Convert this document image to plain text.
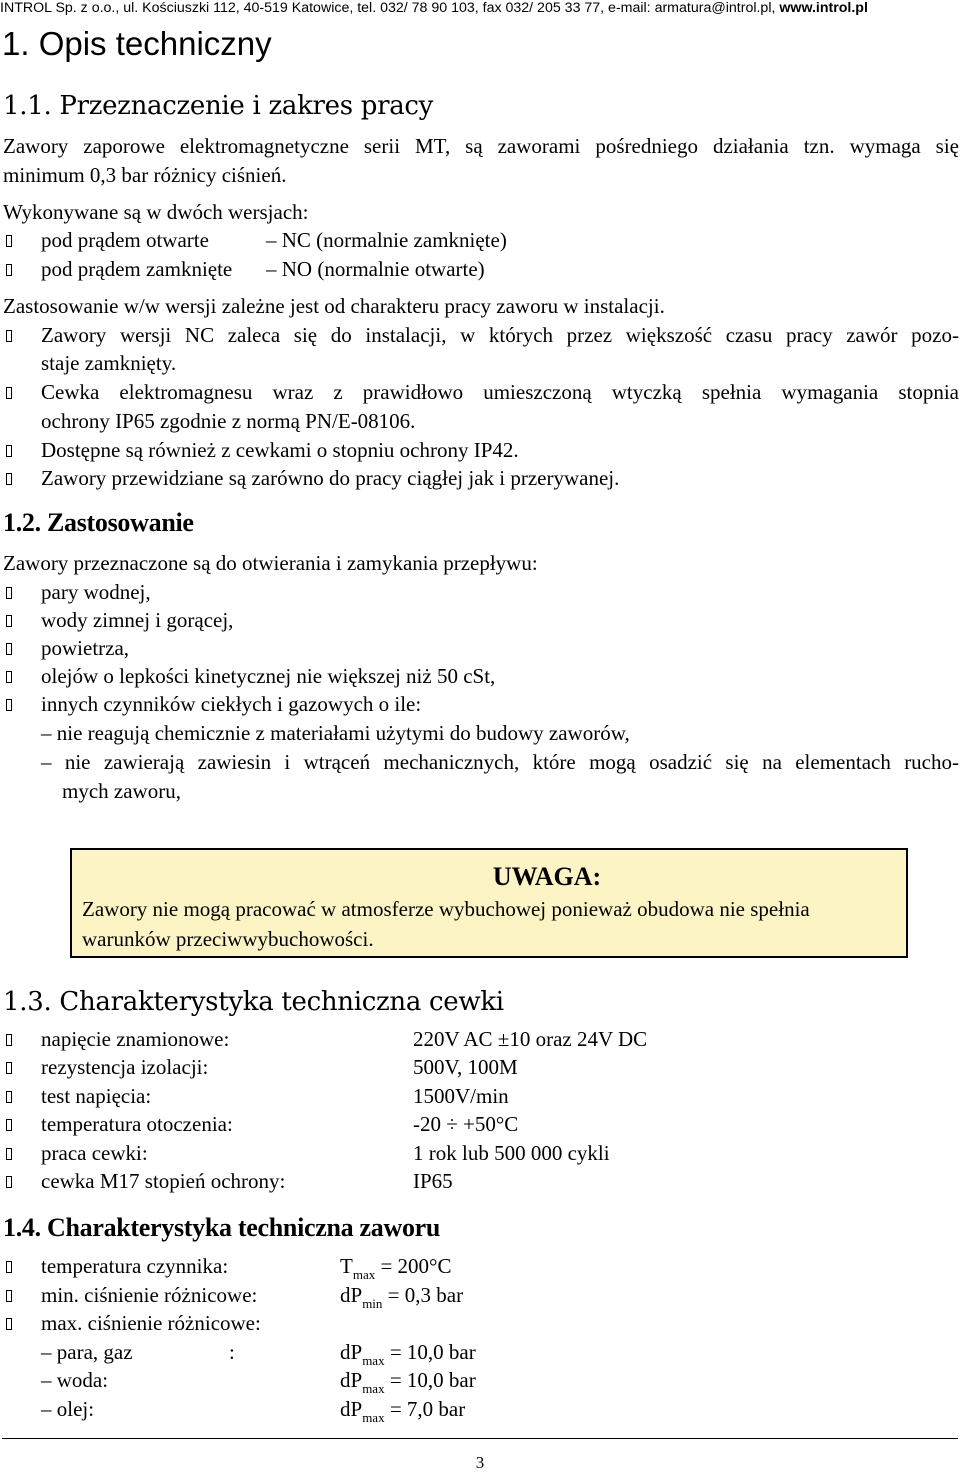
INTROL Sp. z o.o., ul. Kościuszki 112, 40-519 Katowice, tel. 032/ 78 90 103, fax 032/ 205 33 77, e-mail: armatura@introl.pl, www.introl.pl
1. Opis techniczny
1.1. Przeznaczenie i zakres pracy
Zawory zaporowe elektromagnetyczne serii MT, są zaworami pośredniego działania tzn. wymaga się
minimum 0,3 bar różnicy ciśnień.
Wykonywane są w dwóch wersjach:
pod prądem otwarte	– NC (normalnie zamknięte)
pod prądem zamknięte – NO (normalnie otwarte)
Zastosowanie w/w wersji zależne jest od charakteru pracy zaworu w instalacji.
Zawory wersji NC zaleca się do instalacji, w których przez większość czasu pracy zawór pozo-
staje zamknięty.
Cewka elektromagnesu wraz z prawidłowo umieszczoną wtyczką spełnia wymagania stopnia
ochrony IP65 zgodnie z normą PN/E-08106.
Dostępne są również z cewkami o stopniu ochrony IP42.
Zawory przewidziane są zarówno do pracy ciągłej jak i przerywanej.
1.2. Zastosowanie
Zawory przeznaczone są do otwierania i zamykania przepływu:
pary wodnej,
wody zimnej i gorącej,
powietrza,
olejów o lepkości kinetycznej nie większej niż 50 cSt,
innych czynników ciekłych i gazowych o ile:
– nie reagują chemicznie z materiałami użytymi do budowy zaworów,
– nie zawierają zawiesin i wtrąceń mechanicznych, które mogą osadzić się na elementach rucho-
mych zaworu,
UWAGA:
Zawory nie mogą pracować w atmosferze wybuchowej ponieważ obudowa nie spełnia
warunków przeciwwybuchowości.
1.3. Charakterystyka techniczna cewki
napięcie znamionowe:	220V AC ±10 oraz 24V DC
rezystencja izolacji:	500V, 100M
test napięcia:	1500V/min
temperatura otoczenia:	-20 ÷ +50°C
praca cewki:	1 rok lub 500 000 cykli
cewka M17 stopień ochrony:	IP65
1.4. Charakterystyka techniczna zaworu
temperatura czynnika:	$T_{max} = 200^\circ C$
min. ciśnienie różnicowe:	$dP_{min} = 0,3$ bar
max. ciśnienie różnicowe:
– para, gaz	:	$dP_{max} = 10,0$ bar
– woda:	$dP_{max} = 10,0$ bar
– olej:	$dP_{max} = 7,0$ bar
3
